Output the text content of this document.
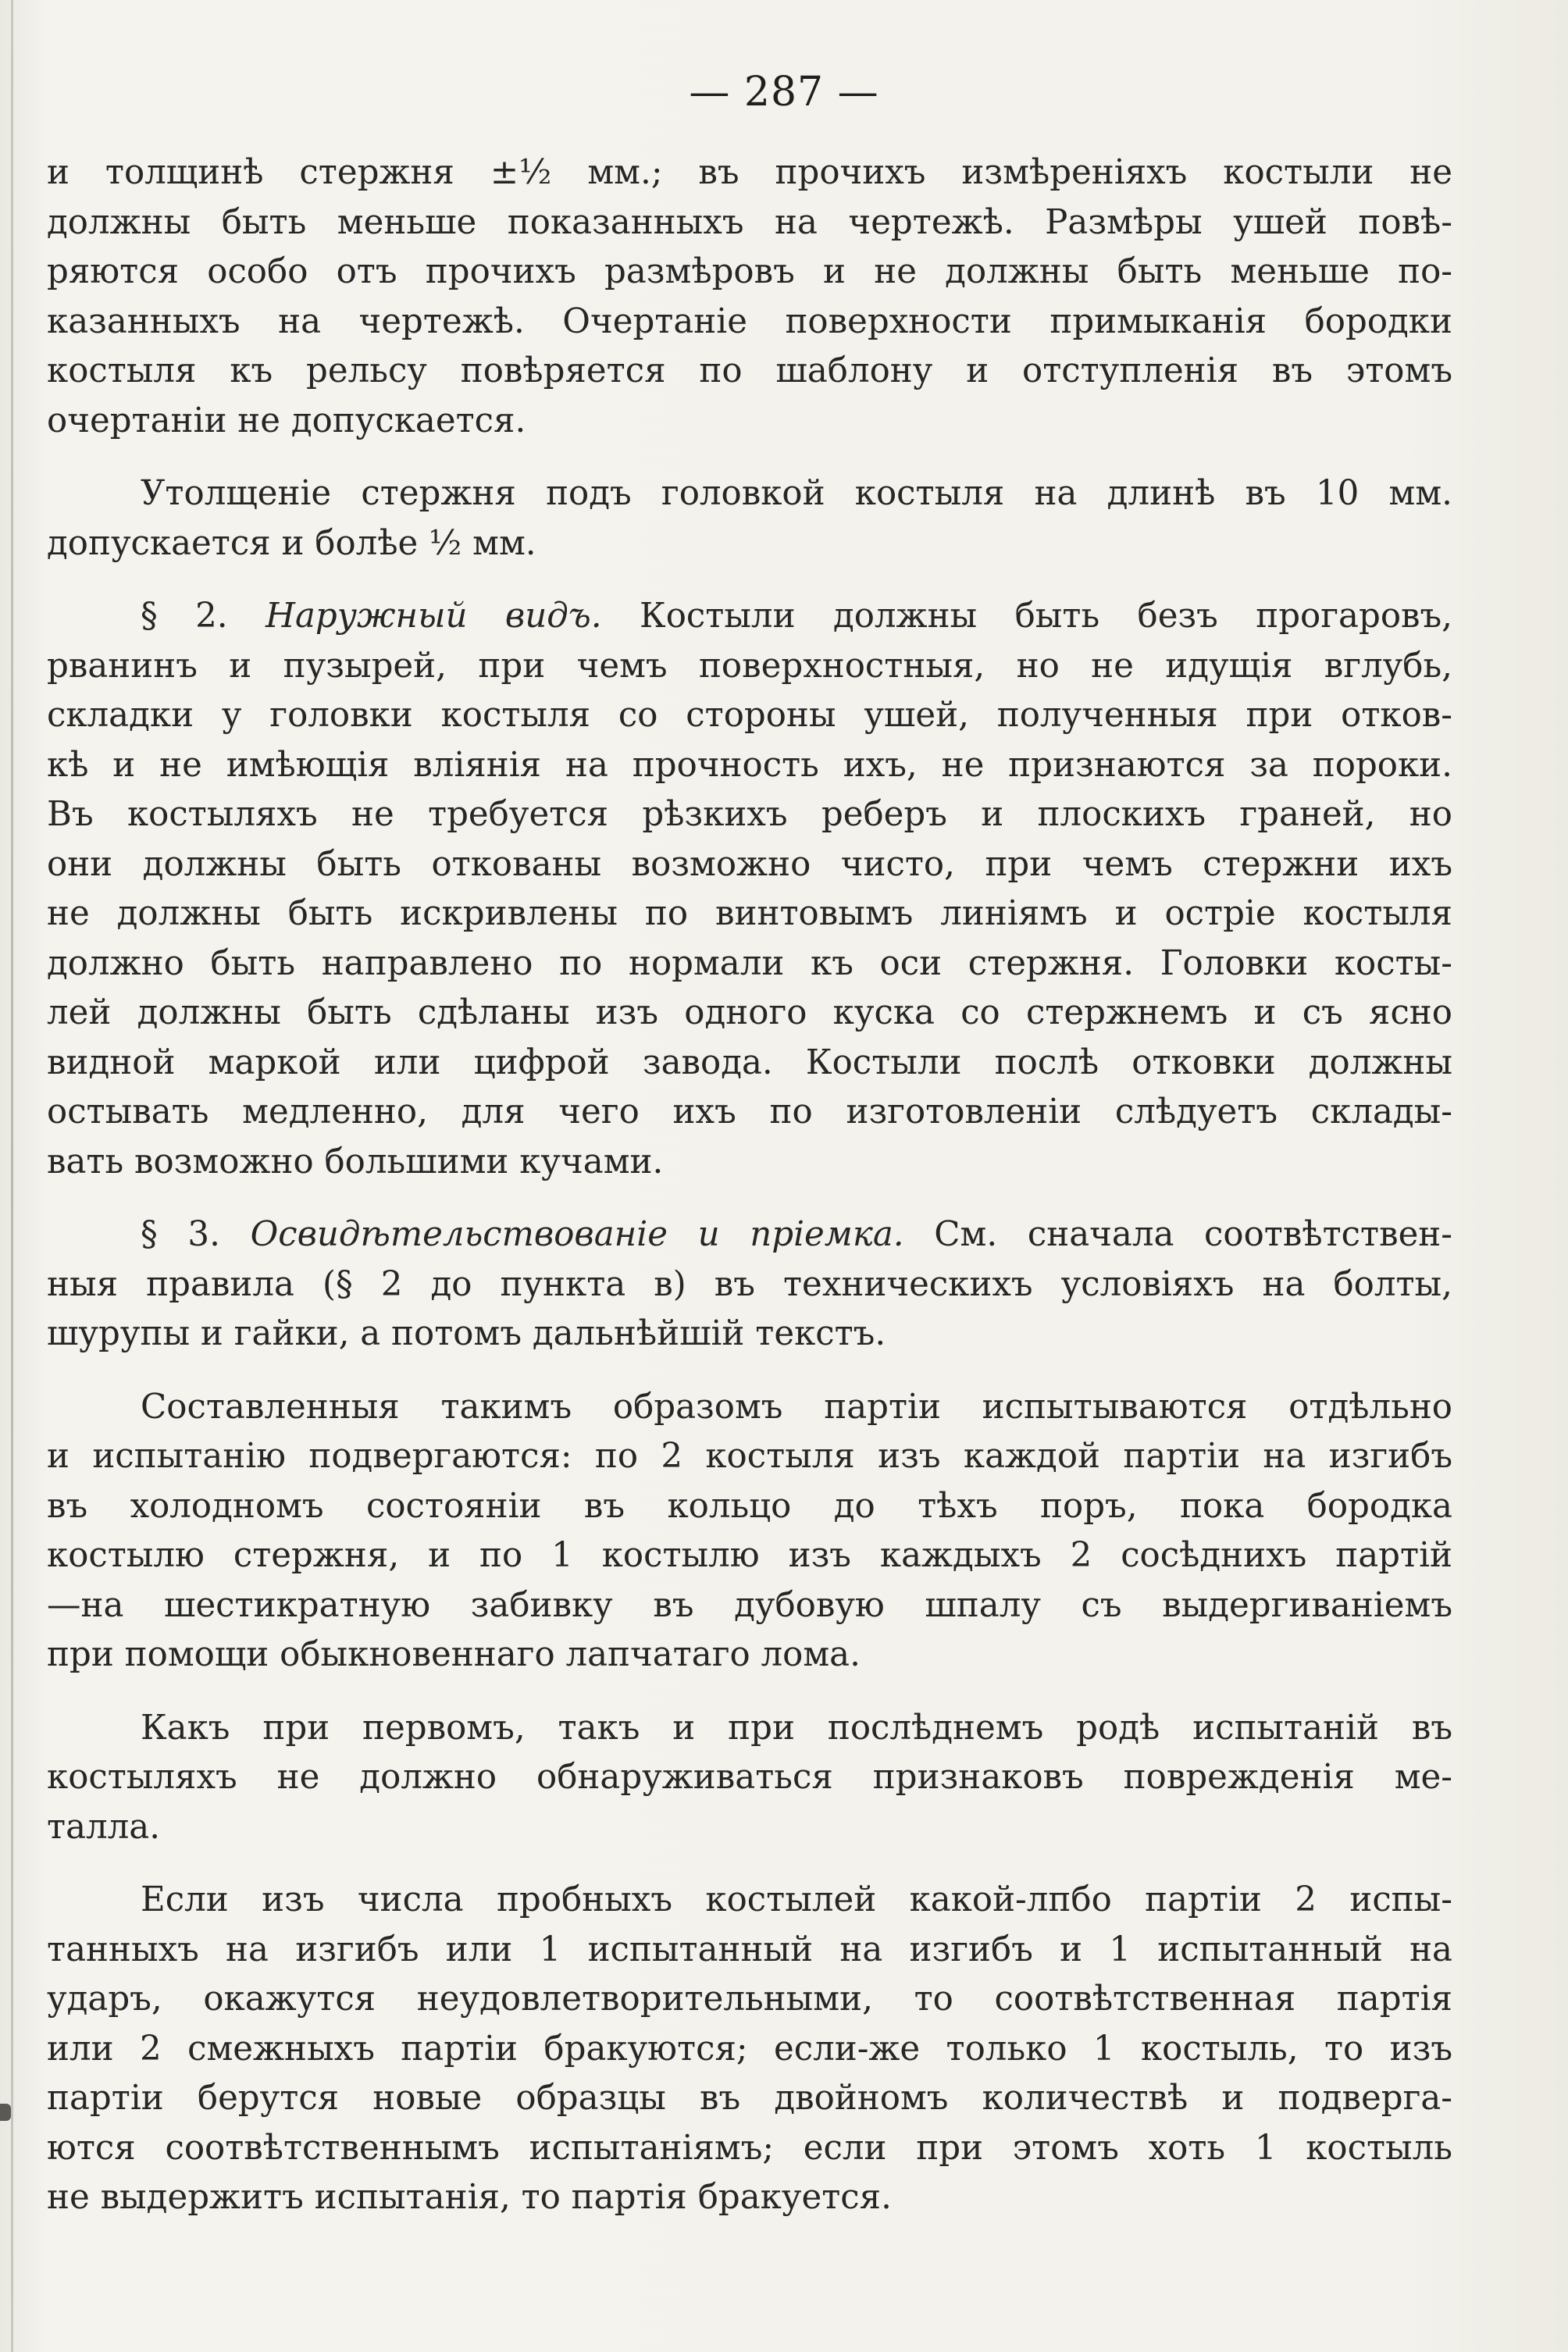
— 287 —
и толщинѣ стержня ±½ мм.; въ прочихъ измѣреніяхъ костыли не
должны быть меньше показанныхъ на чертежѣ. Размѣры ушей повѣ-
ряются особо отъ прочихъ размѣровъ и не должны быть меньше по-
казанныхъ на чертежѣ. Очертаніе поверхности примыканія бородки
костыля къ рельсу повѣряется по шаблону и отступленія въ этомъ
очертаніи не допускается.
Утолщеніе стержня подъ головкой костыля на длинѣ въ 10 мм.
допускается и болѣе ½ мм.
§ 2. Наружный видъ. Костыли должны быть безъ прогаровъ,
рванинъ и пузырей, при чемъ поверхностныя, но не идущія вглубь,
складки у головки костыля со стороны ушей, полученныя при отков-
кѣ и не имѣющія вліянія на прочность ихъ, не признаются за пороки.
Въ костыляхъ не требуется рѣзкихъ реберъ и плоскихъ граней, но
они должны быть откованы возможно чисто, при чемъ стержни ихъ
не должны быть искривлены по винтовымъ линіямъ и остріе костыля
должно быть направлено по нормали къ оси стержня. Головки косты-
лей должны быть сдѣланы изъ одного куска со стержнемъ и съ ясно
видной маркой или цифрой завода. Костыли послѣ отковки должны
остывать медленно, для чего ихъ по изготовленіи слѣдуетъ склады-
вать возможно большими кучами.
§ 3. Освидѣтельствованіе и пріемка. См. сначала соотвѣтствен-
ныя правила (§ 2 до пункта в) въ техническихъ условіяхъ на болты,
шурупы и гайки, а потомъ дальнѣйшій текстъ.
Составленныя такимъ образомъ партіи испытываются отдѣльно
и испытанію подвергаются: по 2 костыля изъ каждой партіи на изгибъ
въ холодномъ состояніи въ кольцо до тѣхъ поръ, пока бородка
костылю стержня, и по 1 костылю изъ каждыхъ 2 сосѣднихъ партій
—на шестикратную забивку въ дубовую шпалу съ выдергиваніемъ
при помощи обыкновеннаго лапчатаго лома.
Какъ при первомъ, такъ и при послѣднемъ родѣ испытаній въ
костыляхъ не должно обнаруживаться признаковъ поврежденія ме-
талла.
Если изъ числа пробныхъ костылей какой-лпбо партіи 2 испы-
танныхъ на изгибъ или 1 испытанный на изгибъ и 1 испытанный на
ударъ, окажутся неудовлетворительными, то соотвѣтственная партія
или 2 смежныхъ партіи бракуются; если-же только 1 костыль, то изъ
партіи берутся новые образцы въ двойномъ количествѣ и подверга-
ются соотвѣтственнымъ испытаніямъ; если при этомъ хоть 1 костыль
не выдержитъ испытанія, то партія бракуется.
